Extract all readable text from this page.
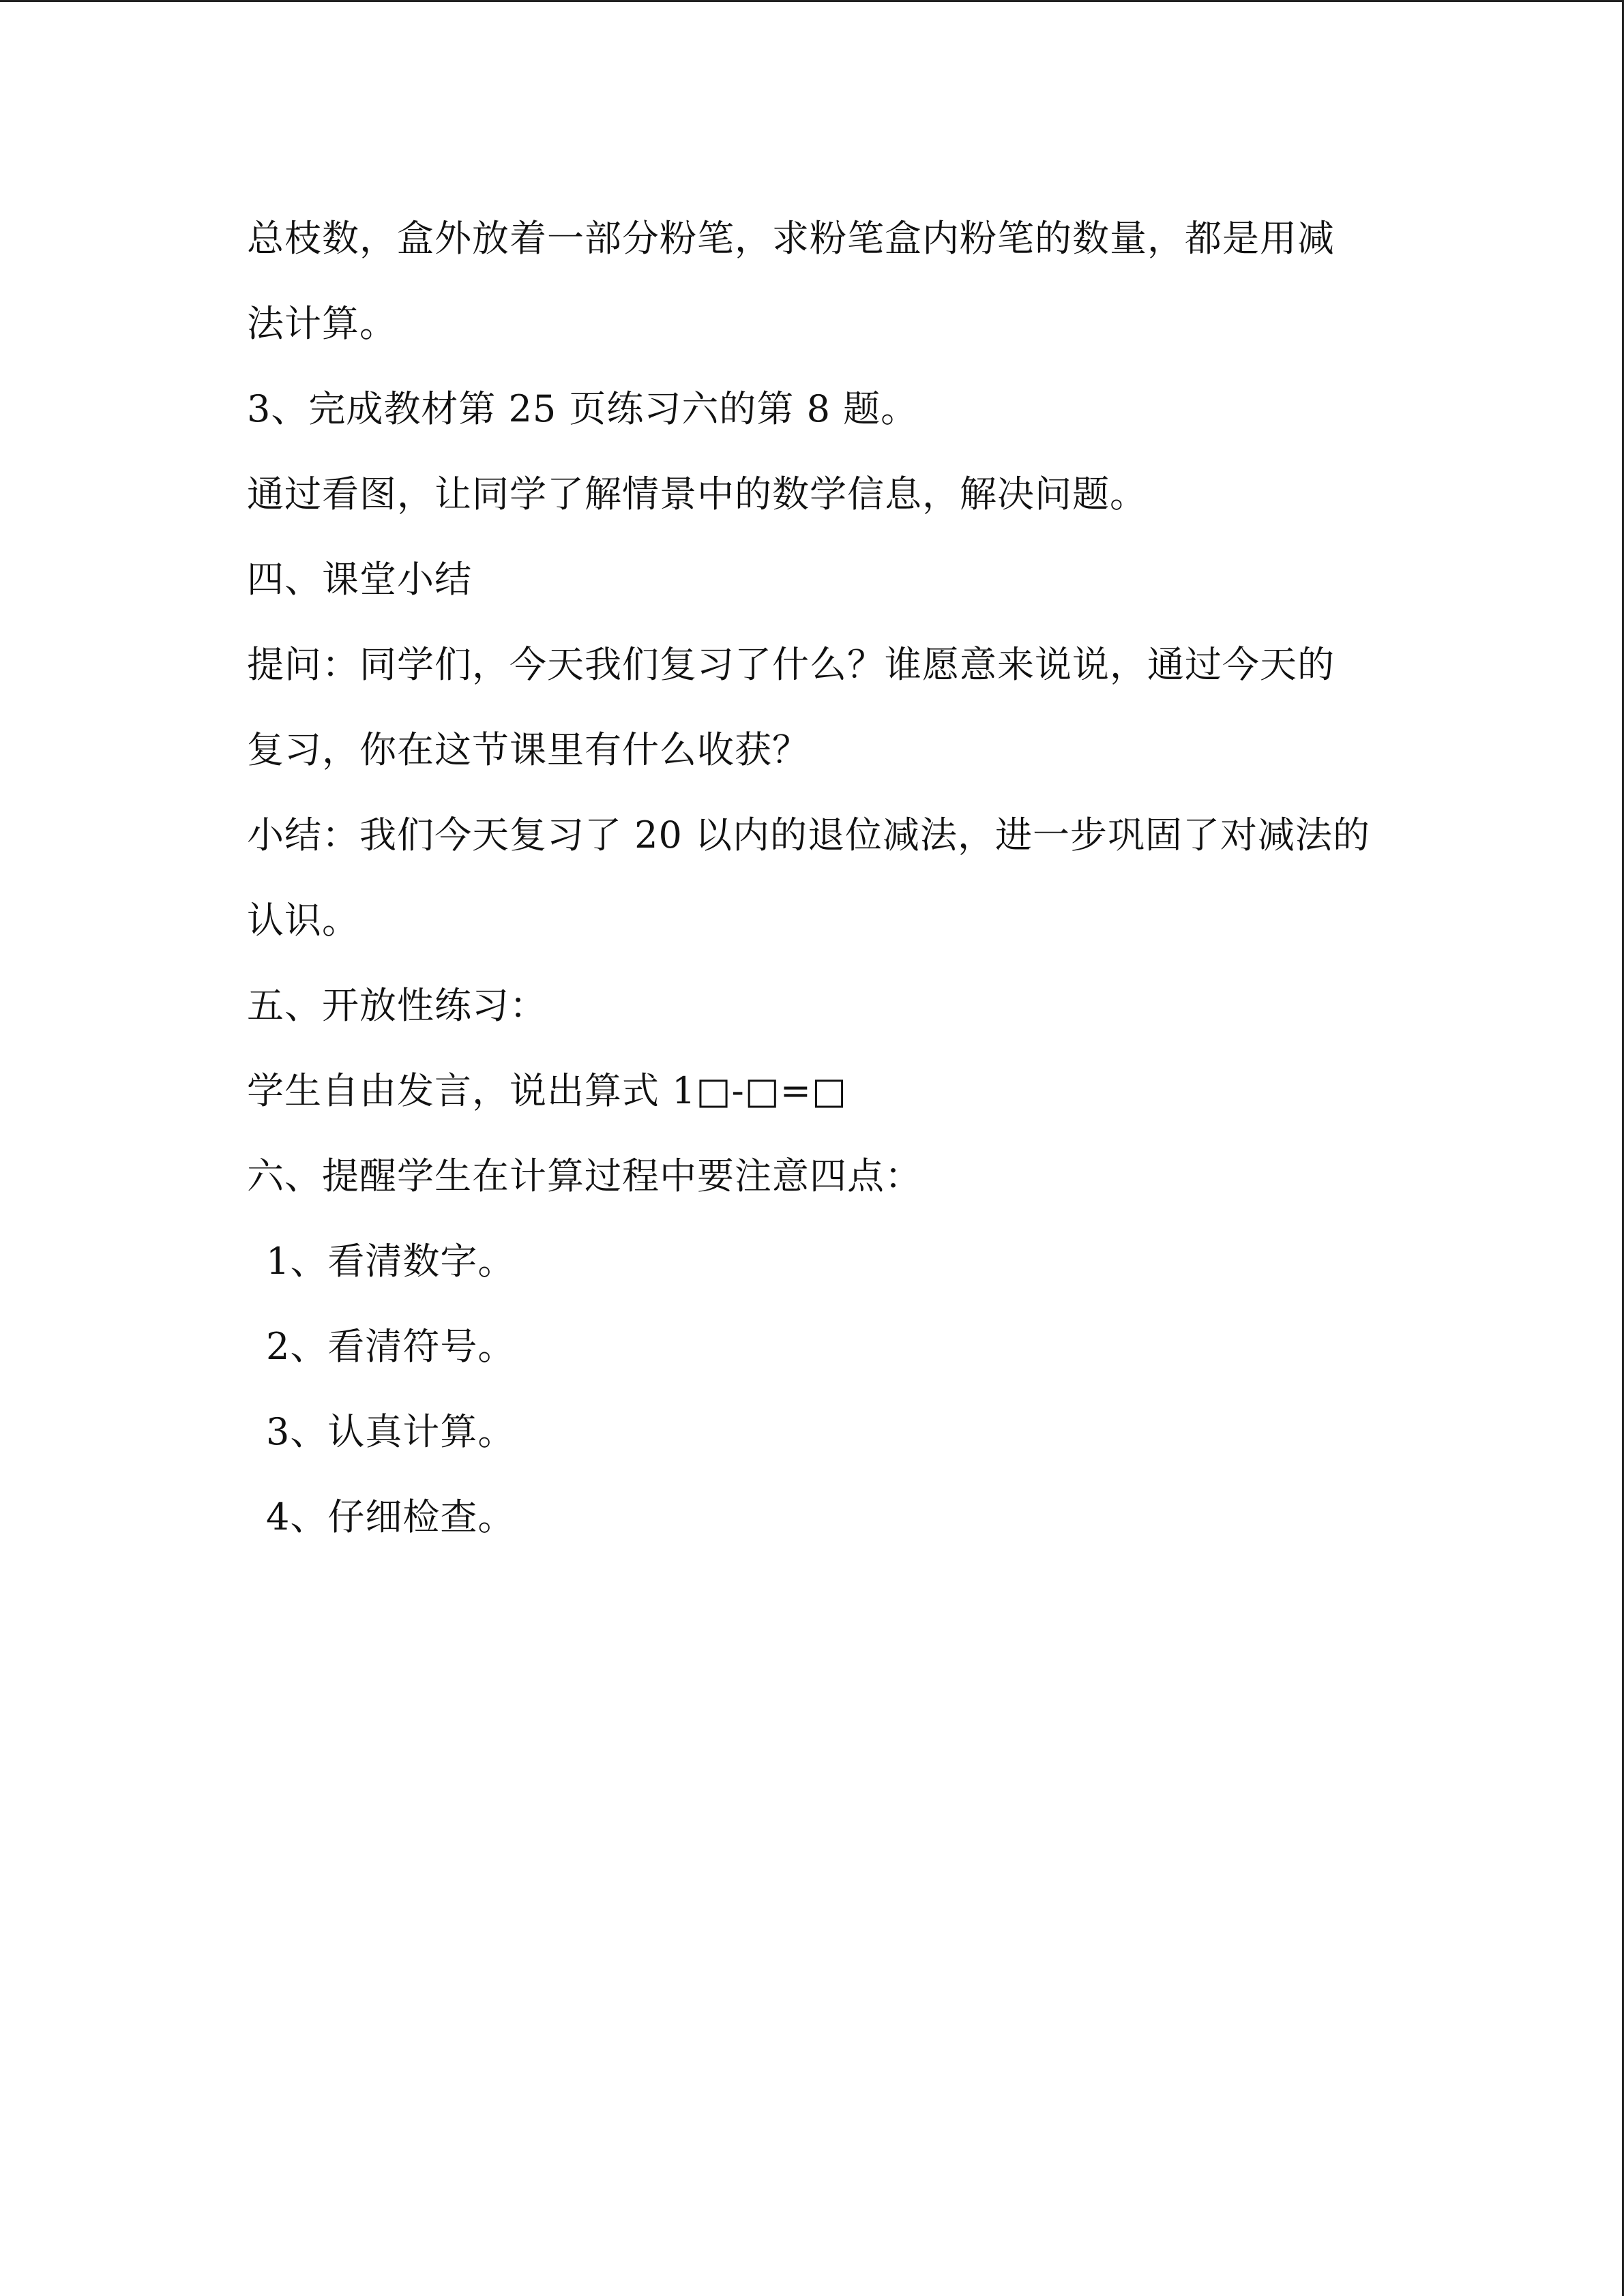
总枝数，盒外放着一部分粉笔，求粉笔盒内粉笔的数量，都是用减
法计算。
3、完成教材第 25 页练习六的第 8 题。
通过看图，让同学了解情景中的数学信息，解决问题。
四、课堂小结
提问：同学们，今天我们复习了什么？谁愿意来说说，通过今天的
复习，你在这节课里有什么收获？
小结：我们今天复习了 20 以内的退位减法，进一步巩固了对减法的
认识。
五、开放性练习：
学生自由发言，说出算式 1□-□=□
六、提醒学生在计算过程中要注意四点：
1、看清数字。
2、看清符号。
3、认真计算。
4、仔细检查。
